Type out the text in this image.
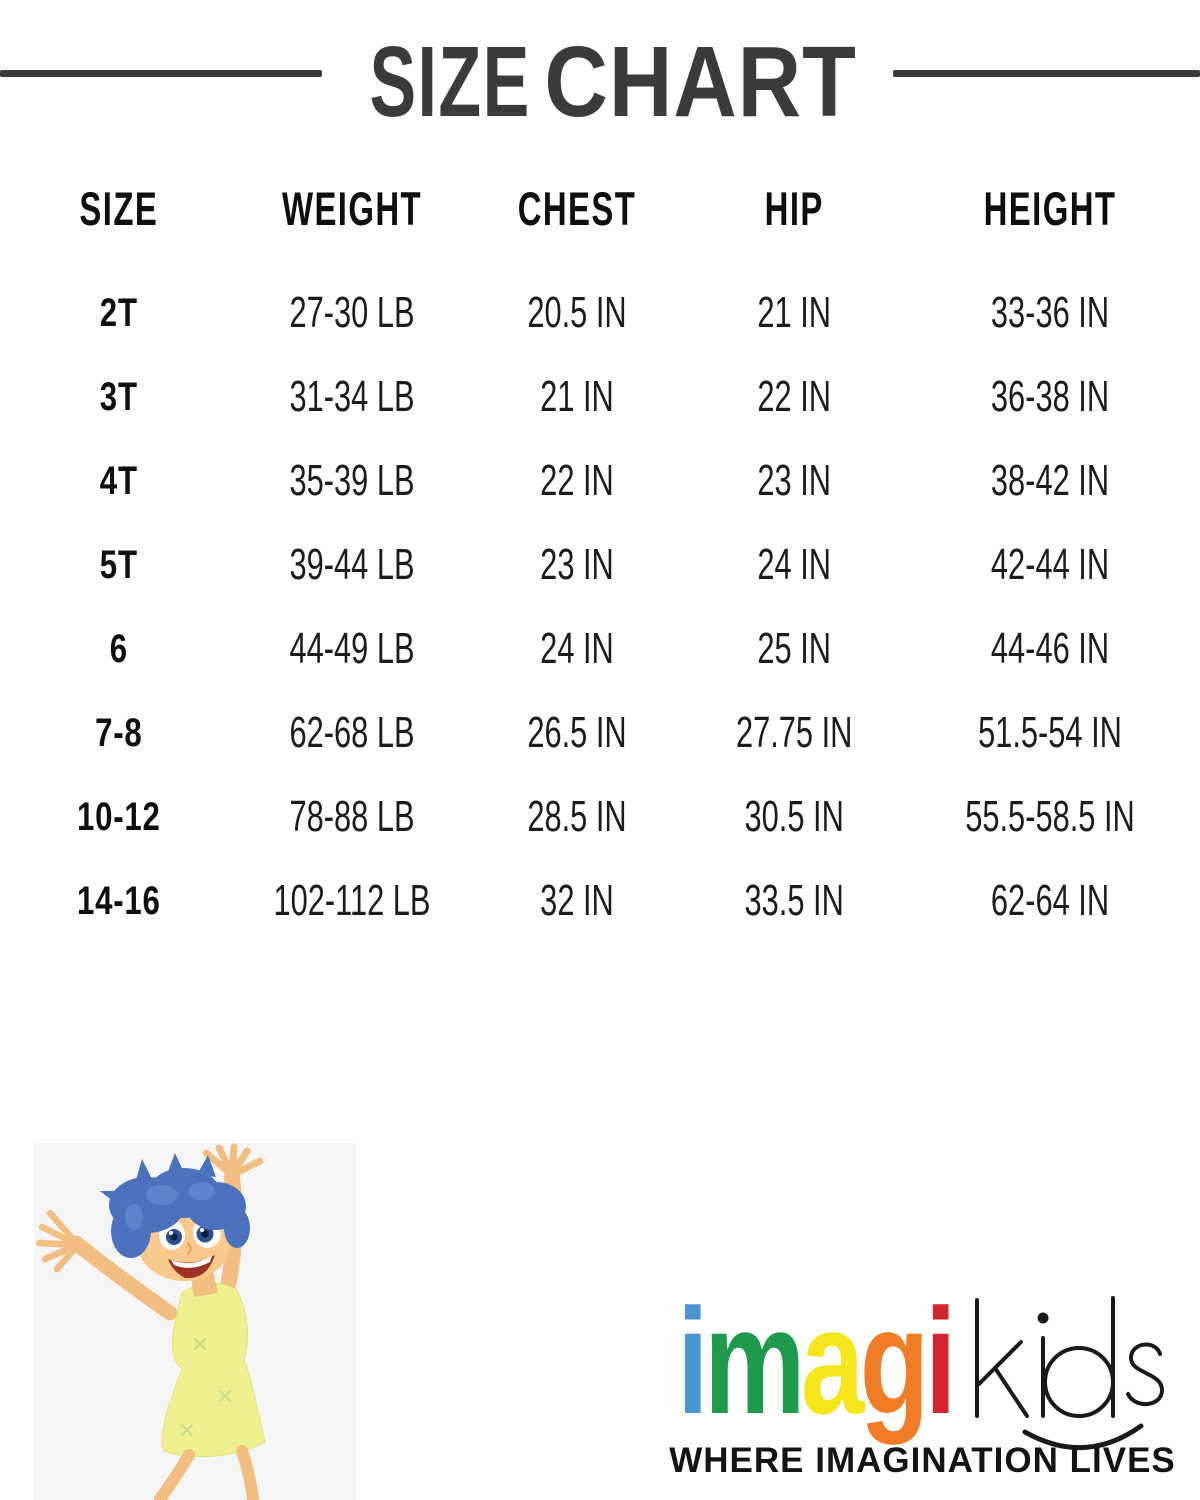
SIZE CHART
SIZE	WEIGHT	CHEST	HIP	HEIGHT
2T	27-30 LB	20.5 IN	21 IN	33-36 IN
3T	31-34 LB	21 IN	22 IN	36-38 IN
4T	35-39 LB	22 IN	23 IN	38-42 IN
5T	39-44 LB	23 IN	24 IN	42-44 IN
6	44-49 LB	24 IN	25 IN	44-46 IN
7-8	62-68 LB	26.5 IN	27.75 IN	51.5-54 IN
10-12	78-88 LB	28.5 IN	30.5 IN	55.5-58.5 IN
14-16	102-112 LB	32 IN	33.5 IN	62-64 IN
imagi
WHERE IMAGINATION LIVES
